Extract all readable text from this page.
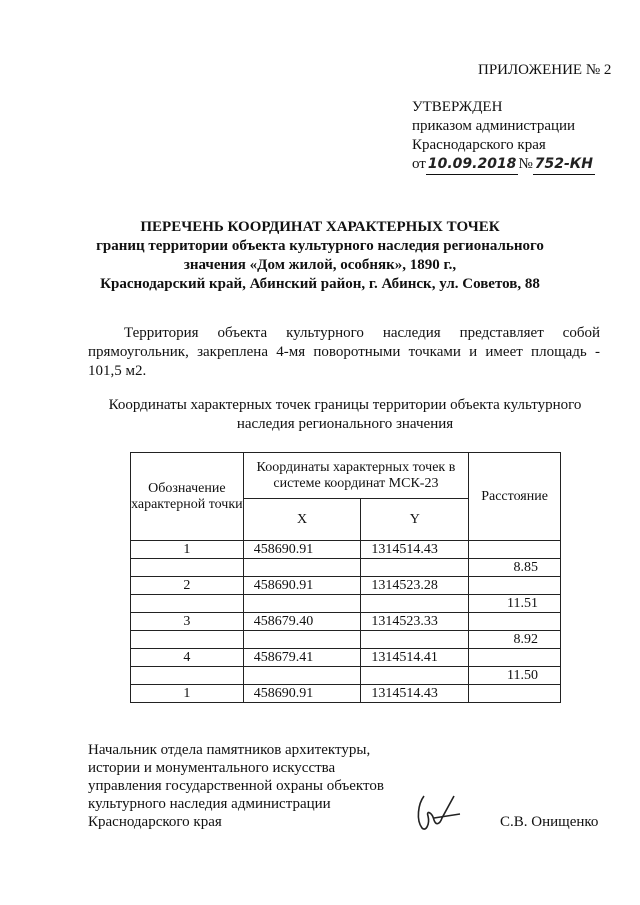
ПРИЛОЖЕНИЕ № 2
УТВЕРЖДЕН
приказом администрации
Краснодарского края
от 10.09.2018 № 752-КН
ПЕРЕЧЕНЬ КООРДИНАТ ХАРАКТЕРНЫХ ТОЧЕК
границ территории объекта культурного наследия регионального
значения «Дом жилой, особняк», 1890 г.,
Краснодарский край, Абинский район, г. Абинск, ул. Советов, 88
Территория объекта культурного наследия представляет собой прямоугольник, закреплена 4-мя поворотными точками и имеет площадь - 101,5 м2.
Координаты характерных точек границы территории объекта культурного
наследия регионального значения
Обозначение характерной точки	Координаты характерных точек в системе координат МСК-23		Расстояние
	X	Y	
1	458690.91	1314514.43	
			8.85
2	458690.91	1314523.28	
			11.51
3	458679.40	1314523.33	
			8.92
4	458679.41	1314514.41	
			11.50
1	458690.91	1314514.43	
Начальник отдела памятников архитектуры,
истории и монументального искусства
управления государственной охраны объектов
культурного наследия администрации
Краснодарского края	С.В. Онищенко
